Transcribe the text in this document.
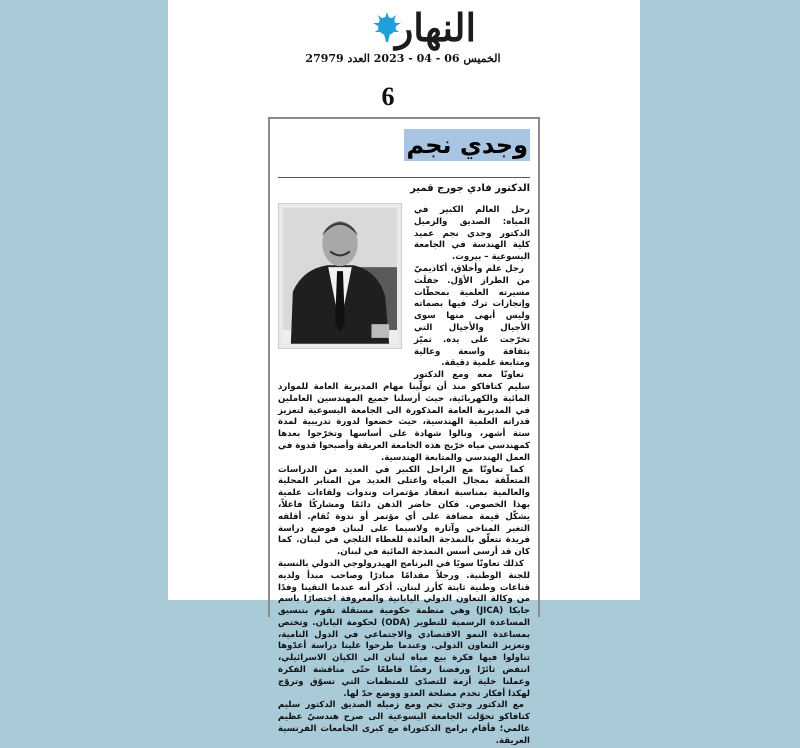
النهار
الخميس 06 - 04 - 2023 العدد 27979
6
وجدي نجم
الدكتور فادي جورج قمير

رحل العالم الكبير في المياه: الصديق والزميل الدكتور وجدي نجم عميد كلية الهندسة في الجامعة اليسوعية – بيروت.

رجل علم وأخلاق، أكاديميّ من الطراز الأوّل. حفلَت مسيرته العلمية بمحطّات وإنجازات ترك فيها بصماته وليس أبهى منها سوى الأجيال والأجيال التي تخرّجت على يده. تميّز بثقافة واسعة وعالية ومتابعة علمية دقيقة.

تعاونّا معه ومع الدكتور سليم كتافاكو منذ أن تولّينا مهام المديرية العامة للموارد المائية والكهربائية، حيث أرسلنا جميع المهندسين العاملين في المديرية العامة المذكورة الى الجامعة اليسوعية لتعزيز قدراته العلمية الهندسية، حيث خضعوا لدورة تدريبية لمدة ستة أشهر، ونالوا شهادة على أساسها وتخرّجوا بعدها كمهندسي مياه خرّيج هذه الجامعة العريقة وأصبحوا قدوة في العمل الهندسي والمتابعة الهندسية.

كما تعاونّا مع الراحل الكبير في العديد من الدراسات المتعلّقة بمجال المياه واعتلى العديد من المنابر المحلية والعالمية بمناسبة انعقاد مؤتمرات وندوات ولقاءات علمية بهذا الخصوص. فكان حاضر الذهن دائمًا ومشاركًا فاعلاً، يشكّل قيمة مضافة على أي مؤتمر أو ندوة تُقام. أقلقه التغير المناخي وآثاره ولاسيما على لبنان فوضع دراسة فريدة تتعلّق بالنمذجة العائدة للغطاء الثلجي في لبنان. كما كان قد أرسى أسس النمذجة المائية في لبنان.

كذلك تعاونّا سويًا في البرنامج الهيدرولوجي الدولي بالنسبة للجنة الوطنية. ورجلاً مقدامًا مبادرًا وصاحب مبدأ ولديه قناعات وطنية ثابتة كأرز لبنان. أذكر أنه عندما التقينا وفدًا من وكالة التعاون الدولي اليابانية والمعروفة اختصارًا باسم جايكا (JICA) وهي منظمة حكومية مستقلة تقوم بتنسيق المساعدة الرسمية للتطوير (ODA) لحكومة اليابان. وتختص بمساعدة النمو الاقتصادي والاجتماعي في الدول النامية، وتعزيز التعاون الدولي. وعندما طرحوا علينا دراسة أعدّوها تناولوا فيها فكرة بيع مياه لبنان الى الكيان الاسرائيلي، انتفض ثائرًا ورفضنا رفضًا قاطعًا حتّى مناقشة الفكرة وعملنا خلية أزمة للتصدّي للمنظمات التي تسوّق وتروّج لهكذا أفكار تخدم مصلحة العدو ووضع حدّ لها.

مع الدكتور وجدي نجم ومع زميله الصديق الدكتور سليم كتافاكو تحوّلت الجامعة اليسوعية الى صرح هندسيّ عظيم عالمي؛ فأقام برامج الدكتوراة مع كبرى الجامعات الفرنسية العريقة.
